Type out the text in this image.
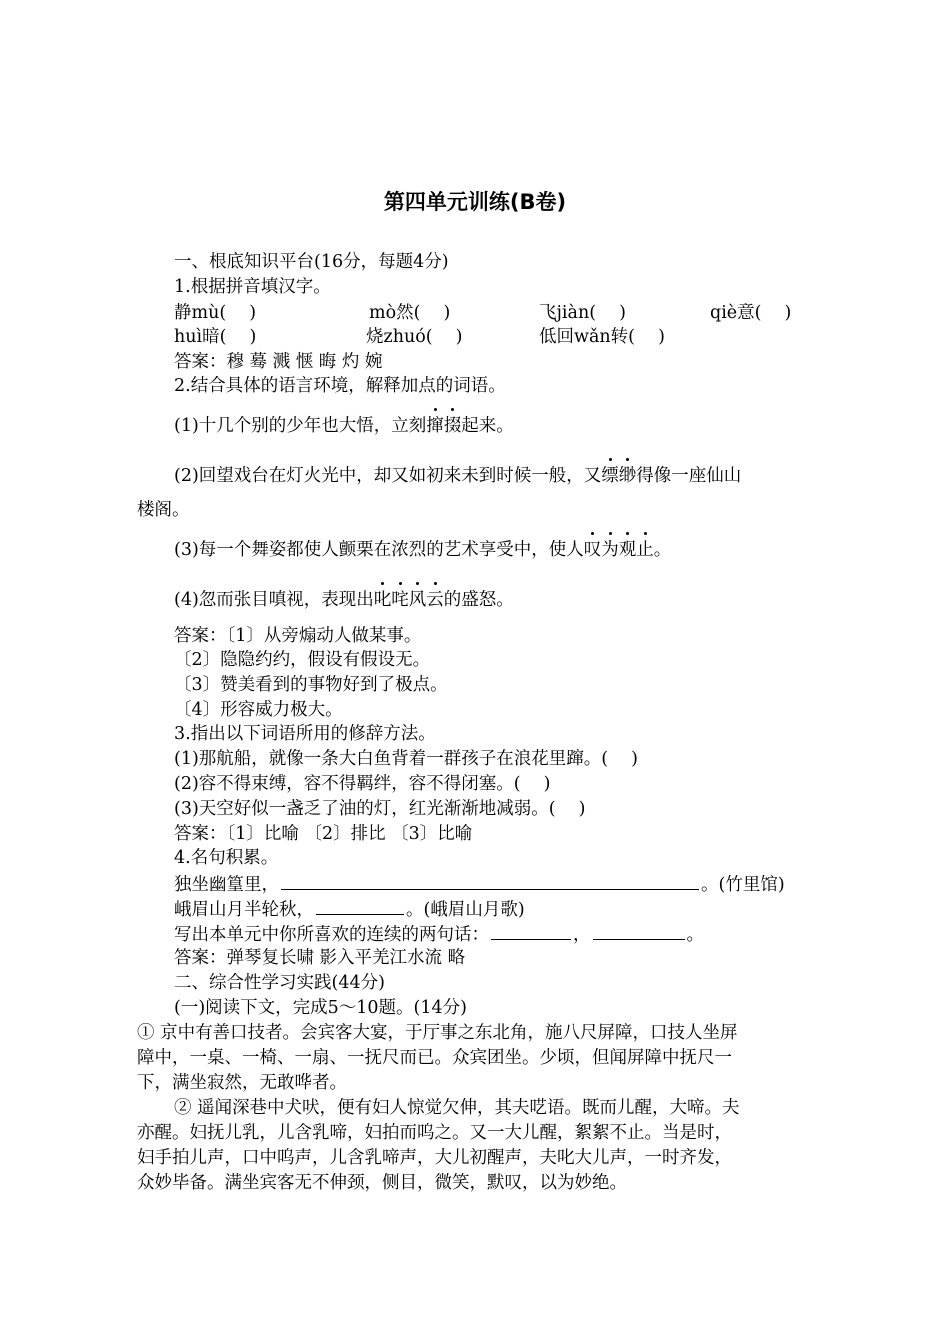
第四单元训练(B卷)
一、根底知识平台(16分，每题4分)
1.根据拼音填汉字。
静mù(　 )	mò然(　 )	飞jiàn(　 )	qiè意(　 )
huì暗(　 )	烧zhuó(　 )	低回wǎn转(　 )
答案：穆 蓦 溅 惬 晦 灼 婉
2.结合具体的语言环境，解释加点的词语。
(1)十几个别的少年也大悟，立刻撺掇起来。
(2)回望戏台在灯火光中，却又如初来未到时候一般，又缥缈得像一座仙山
楼阁。
(3)每一个舞姿都使人颤栗在浓烈的艺术享受中，使人叹为观止。
(4)忽而张目嗔视，表现出叱咤风云的盛怒。
答案：〔1〕从旁煽动人做某事。
〔2〕隐隐约约，假设有假设无。
〔3〕赞美看到的事物好到了极点。
〔4〕形容威力极大。
3.指出以下词语所用的修辞方法。
(1)那航船，就像一条大白鱼背着一群孩子在浪花里蹿。(　 )
(2)容不得束缚，容不得羁绊，容不得闭塞。(　 )
(3)天空好似一盏乏了油的灯，红光渐渐地减弱。(　 )
答案：〔1〕比喻 〔2〕排比 〔3〕比喻
4.名句积累。
独坐幽篁里，	。(竹里馆)
峨眉山月半轮秋，	。(峨眉山月歌)
写出本单元中你所喜欢的连续的两句话：	，	。
答案：弹琴复长啸 影入平羌江水流 略
二、综合性学习实践(44分)
(一)阅读下文，完成5～10题。(14分)
① 京中有善口技者。会宾客大宴，于厅事之东北角，施八尺屏障，口技人坐屏
障中，一桌、一椅、一扇、一抚尺而已。众宾团坐。少顷，但闻屏障中抚尺一
下，满坐寂然，无敢哗者。
② 遥闻深巷中犬吠，便有妇人惊觉欠伸，其夫呓语。既而儿醒，大啼。夫
亦醒。妇抚儿乳，儿含乳啼，妇拍而呜之。又一大儿醒，絮絮不止。当是时，
妇手拍儿声，口中呜声，儿含乳啼声，大儿初醒声，夫叱大儿声，一时齐发，
众妙毕备。满坐宾客无不伸颈，侧目，微笑，默叹，以为妙绝。
